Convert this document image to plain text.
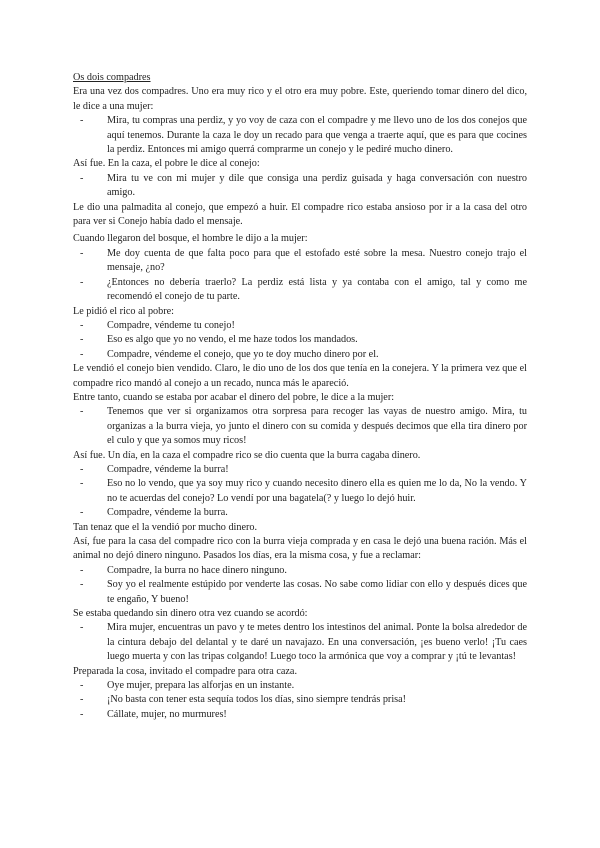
Os dois compadres

Era una vez dos compadres. Uno era muy rico y el otro era muy pobre. Este, queriendo tomar dinero del dico, le dice a una mujer:

- Mira, tu compras una perdiz, y yo voy de caza con el compadre y me llevo uno de los dos conejos que aquí tenemos. Durante la caza le doy un recado para que venga a traerte aquí, que es para que cocines la perdiz. Entonces mi amigo querrá comprarme un conejo y le pediré mucho dinero.

Así fue. En la caza, el pobre le dice al conejo:

- Mira tu ve con mi mujer y dile que consiga una perdiz guisada y haga conversación con nuestro amigo.

Le dio una palmadita al conejo, que empezó a huir. El compadre rico estaba ansioso por ir a la casa del otro para ver si Conejo había dado el mensaje.

Cuando llegaron del bosque, el hombre le dijo a la mujer:

- Me doy cuenta de que falta poco para que el estofado esté sobre la mesa. Nuestro conejo trajo el mensaje, ¿no?
- ¿Entonces no debería traerlo? La perdiz está lista y ya contaba con el amigo, tal y como me recomendó el conejo de tu parte.

Le pidió el rico al pobre:

- Compadre, véndeme tu conejo!
- Eso es algo que yo no vendo, el me haze todos los mandados.
- Compadre, véndeme el conejo, que yo te doy mucho dinero por el.

Le vendió el conejo bien vendido. Claro, le dio uno de los dos que tenía en la conejera. Y la primera vez que el compadre rico mandó al conejo a un recado, nunca más le apareció.

Entre tanto, cuando se estaba por acabar el dinero del pobre, le dice a la mujer:

- Tenemos que ver si organizamos otra sorpresa para recoger las vayas de nuestro amigo. Mira, tu organizas a la burra vieja, yo junto el dinero con su comida y después decimos que ella tira dinero por el culo y que ya somos muy ricos!

Así fue. Un día, en la caza el compadre rico se dio cuenta que la burra cagaba dinero.

- Compadre, véndeme la burra!
- Eso no lo vendo, que ya soy muy rico y cuando necesito dinero ella es quien me lo da, No la vendo. Y no te acuerdas del conejo? Lo vendí por una bagatela(? y luego lo dejó huir.
- Compadre, véndeme la burra.

Tan tenaz que el la vendió por mucho dinero.

Así, fue para la casa del compadre rico con la burra vieja comprada y en casa le dejó una buena ración. Más el animal no dejó dinero ninguno. Pasados los días, era la misma cosa, y fue a reclamar:

- Compadre, la burra no hace dinero ninguno.
- Soy yo el realmente estúpido por venderte las cosas. No sabe como lidiar con ello y después dices que te engaño, Y bueno!

Se estaba quedando sin dinero otra vez cuando se acordó:

- Mira mujer, encuentras un pavo y te metes dentro los intestinos del animal. Ponte la bolsa alrededor de la cintura debajo del delantal y te daré un navajazo. En una conversación, ¡es bueno verlo! ¡Tu caes luego muerta y con las tripas colgando! Luego toco la armónica que voy a comprar y ¡tú te levantas!

Preparada la cosa, invitado el compadre para otra caza.

- Oye mujer, prepara las alforjas en un instante.
- ¡No basta con tener esta sequía todos los días, sino siempre tendrás prisa!
- Cállate, mujer, no murmures!
